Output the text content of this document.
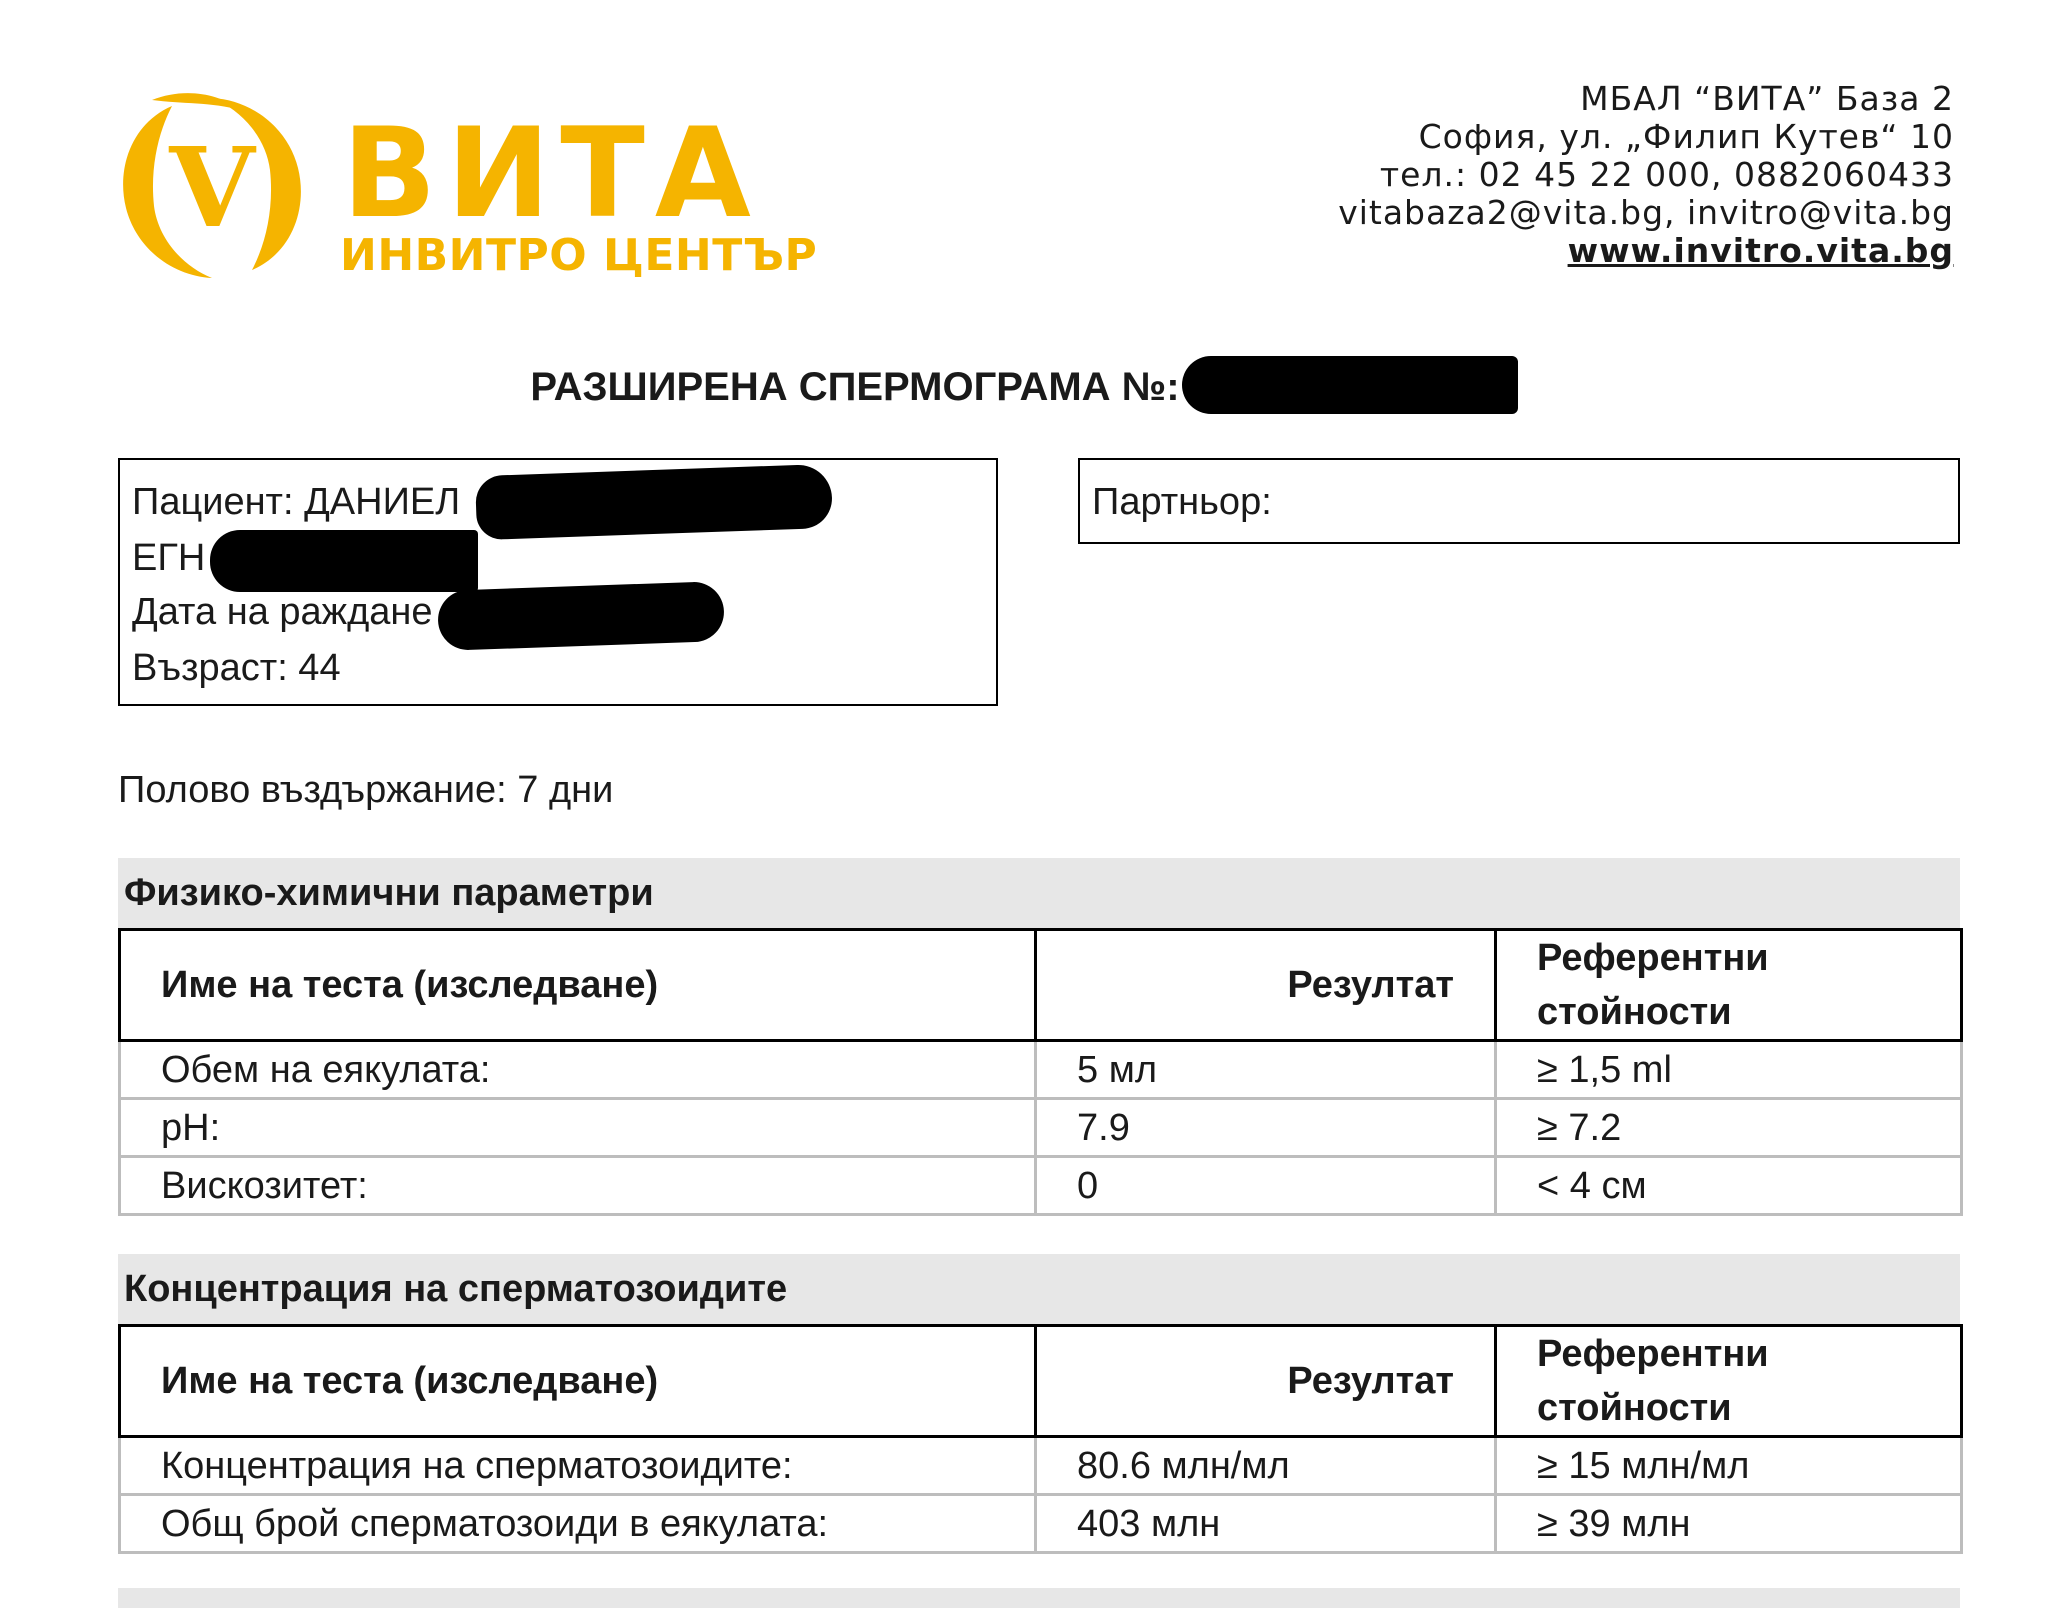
V ВИТА
ИНВИТРО ЦЕНТЪР
МБАЛ “ВИТА” База 2
София, ул. „Филип Кутев“ 10
тел.: 02 45 22 000, 0882060433
vitabaza2@vita.bg, invitro@vita.bg
www.invitro.vita.bg
РАЗШИРЕНА СПЕРМОГРАМА №:
Пациент: ДАНИЕЛ
ЕГН
Дата на раждане
Възраст: 44
Партньор:
Полово въздържание: 7 дни
Физико-химични параметри
Име на теста (изследване)	Резултат	Референтни стойности
Обем на еякулата:	5 мл	≥ 1,5 ml
pH:	7.9	≥ 7.2
Вискозитет:	0	< 4 см
Концентрация на сперматозоидите
Име на теста (изследване)	Резултат	Референтни стойности
Концентрация на сперматозоидите:	80.6 млн/мл	≥ 15 млн/мл
Общ брой сперматозоиди в еякулата:	403 млн	≥ 39 млн
